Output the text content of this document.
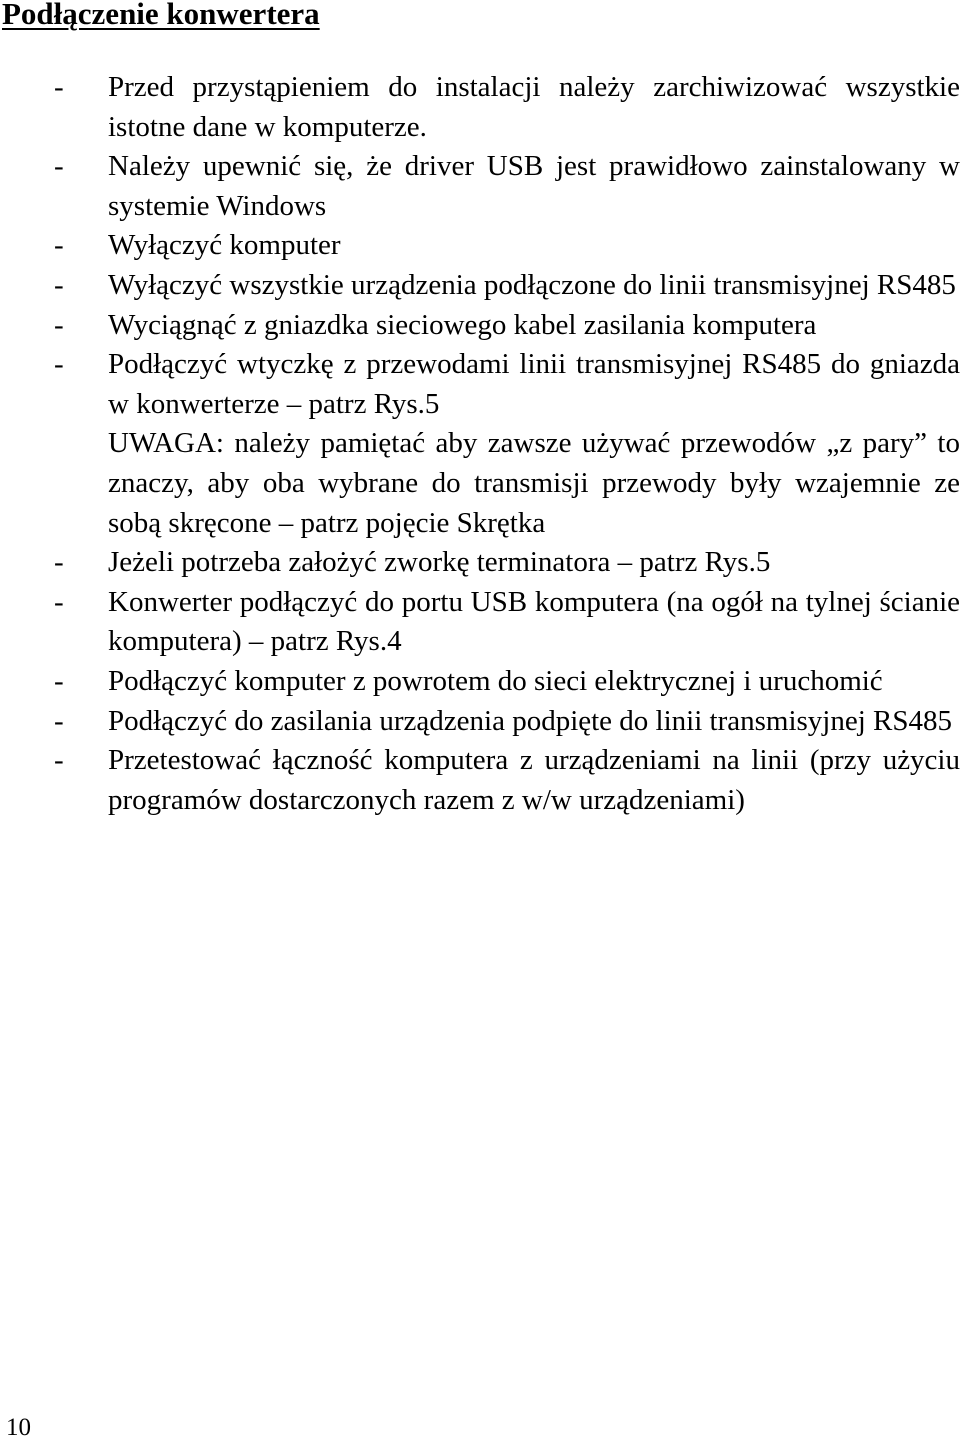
Podłączenie konwertera
-	Przed przystąpieniem do instalacji należy zarchiwizować wszystkie istotne dane w komputerze.
-	Należy upewnić się, że driver USB jest prawidłowo zainstalowany w systemie Windows
-	Wyłączyć komputer
-	Wyłączyć wszystkie urządzenia podłączone do linii transmisyjnej RS485
-	Wyciągnąć z gniazdka sieciowego kabel zasilania komputera
-	Podłączyć wtyczkę z przewodami linii transmisyjnej RS485 do gniazda w konwerterze – patrz Rys.5
UWAGA: należy pamiętać aby zawsze używać przewodów „z pary” to znaczy, aby oba wybrane do transmisji przewody były wzajemnie ze sobą skręcone – patrz pojęcie Skrętka
-	Jeżeli potrzeba założyć zworkę terminatora – patrz Rys.5
-	Konwerter podłączyć do portu USB komputera (na ogół na tylnej ścianie komputera) – patrz Rys.4
-	Podłączyć komputer z powrotem do sieci elektrycznej i uruchomić
-	Podłączyć do zasilania urządzenia podpięte do linii transmisyjnej RS485
-	Przetestować łączność komputera z urządzeniami na linii (przy użyciu programów dostarczonych razem z w/w urządzeniami)
10
